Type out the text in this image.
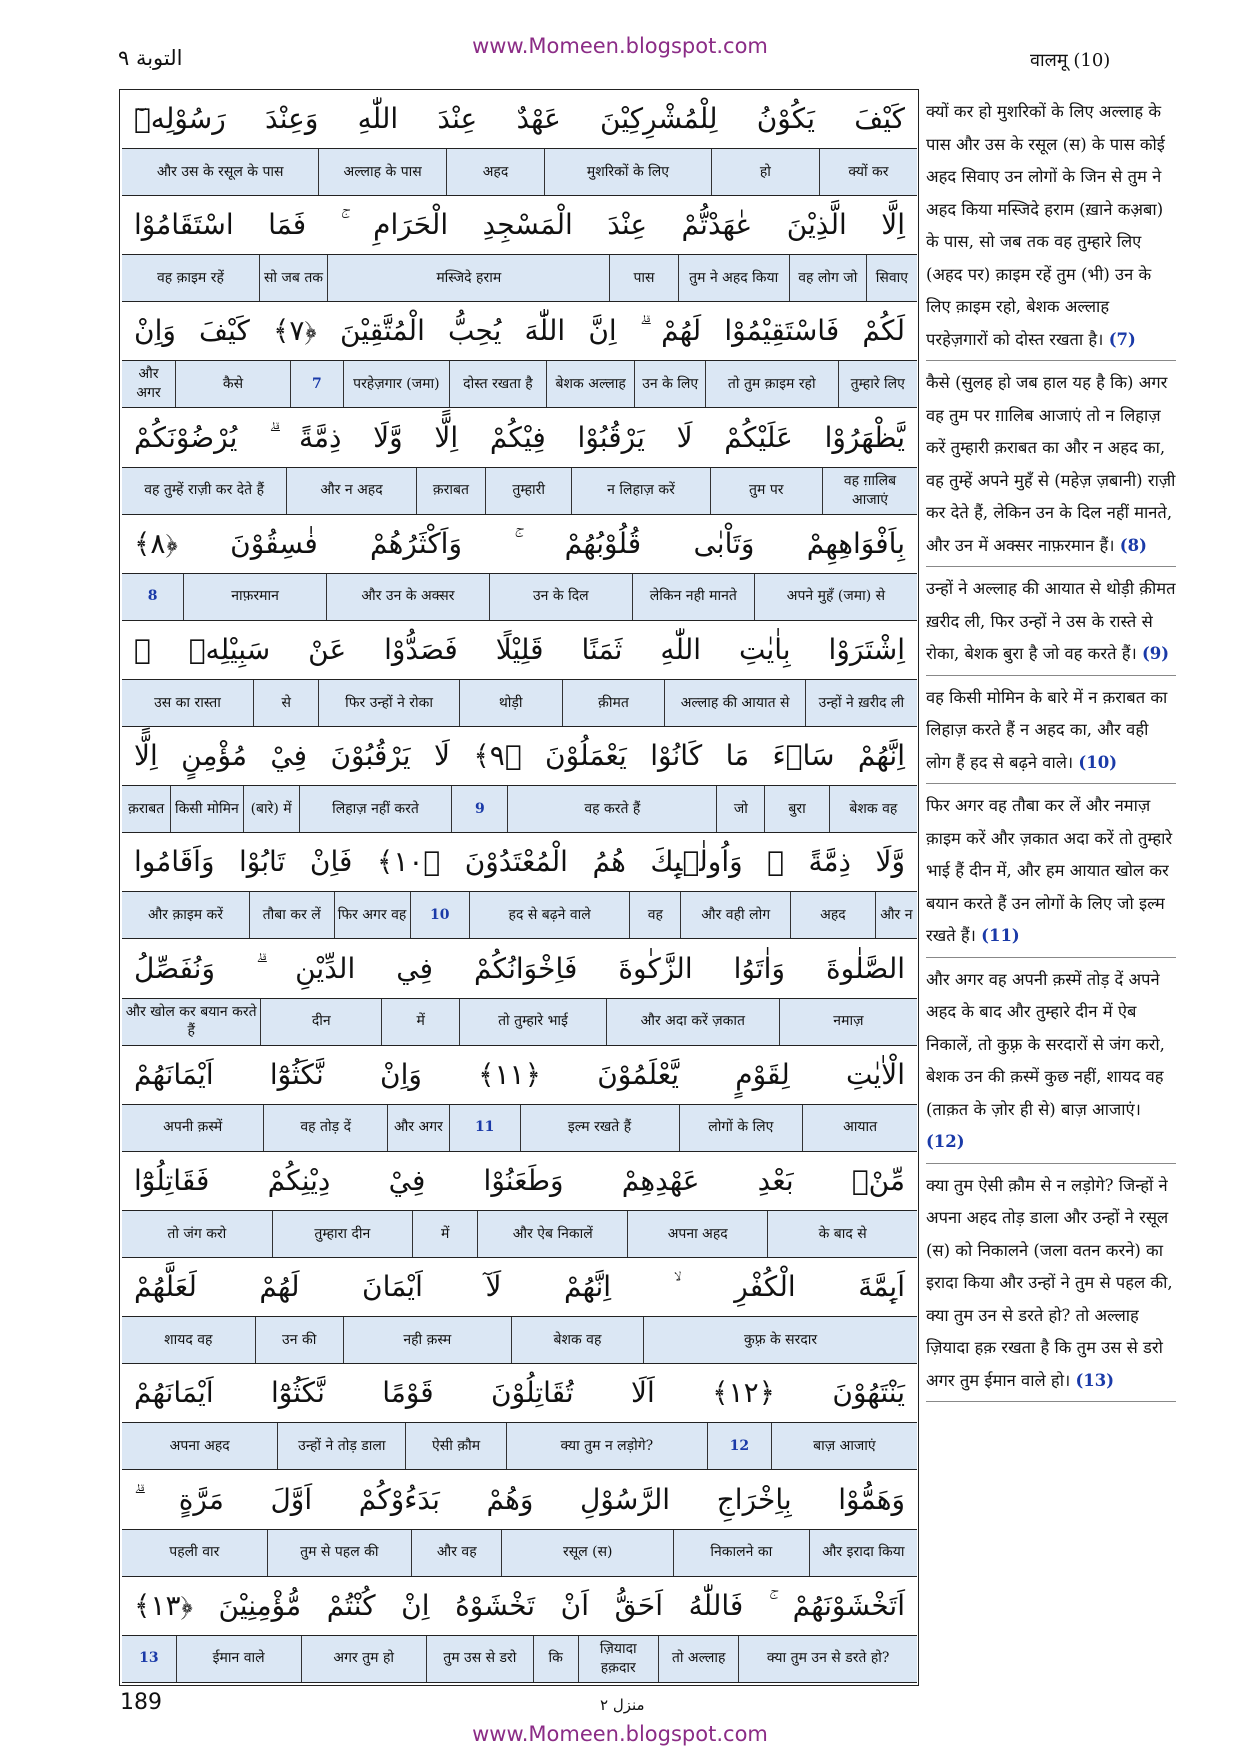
التوبة ٩	www.Momeen.blogspot.com
वालमू (10)
كَيْفَ يَكُوْنُ لِلْمُشْرِكِيْنَ عَهْدٌ عِنْدَ اللّٰهِ وَعِنْدَ رَسُوْلِهٖٓ
क्यों कर
हो
मुशरिकों के लिए
अहद
अल्लाह के पास
और उस के रसूल के पास
اِلَّا الَّذِيْنَ عٰهَدْتُّمْ عِنْدَ الْمَسْجِدِ الْحَرَامِ ۚ فَمَا اسْتَقَامُوْا
सिवाए
वह लोग जो
तुम ने अहद किया
पास
मस्जिदे हराम
सो जब तक
वह क़ाइम रहें
لَكُمْ فَاسْتَقِيْمُوْا لَهُمْ ۗ اِنَّ اللّٰهَ يُحِبُّ الْمُتَّقِيْنَ ﴿٧﴾ كَيْفَ وَاِنْ
तुम्हारे लिए
तो तुम क़ाइम रहो
उन के लिए
बेशक अल्लाह
दोस्त रखता है
परहेज़गार (जमा)
7
कैसे
और अगर
يَّظْهَرُوْا عَلَيْكُمْ لَا يَرْقُبُوْا فِيْكُمْ اِلًّا وَّلَا ذِمَّةً ۗ يُرْضُوْنَكُمْ
वह ग़ालिब आजाएं
तुम पर
न लिहाज़ करें
तुम्हारी
क़राबत
और न अहद
वह तुम्हें राज़ी कर देते हैं
بِاَفْوَاهِهِمْ وَتَاْبٰى قُلُوْبُهُمْ ۚ وَاَكْثَرُهُمْ فٰسِقُوْنَ ﴿٨﴾
अपने मुहँ (जमा) से
लेकिन नही मानते
उन के दिल
और उन के अक्सर
नाफ़रमान
8
اِشْتَرَوْا بِاٰيٰتِ اللّٰهِ ثَمَنًا قَلِيْلًا فَصَدُّوْا عَنْ سَبِيْلِهٖ ۗ
उन्हों ने ख़रीद ली
अल्लाह की आयात से
क़ीमत
थोड़ी
फिर उन्हों ने रोका
से
उस का रास्ता
اِنَّهُمْ سَاۗءَ مَا كَانُوْا يَعْمَلُوْنَ ﴿٩﴾ لَا يَرْقُبُوْنَ فِيْ مُؤْمِنٍ اِلًّا
बेशक वह
बुरा
जो
वह करते हैं
9
लिहाज़ नहीं करते
(बारे) में
किसी मोमिन
क़राबत
وَّلَا ذِمَّةً ۗ وَاُولٰۗىِٕكَ هُمُ الْمُعْتَدُوْنَ ﴿١٠﴾ فَاِنْ تَابُوْا وَاَقَامُوا
और न
अहद
और वही लोग
वह
हद से बढ़ने वाले
10
फिर अगर वह
तौबा कर लें
और क़ाइम करें
الصَّلٰوةَ وَاٰتَوُا الزَّكٰوةَ فَاِخْوَانُكُمْ فِي الدِّيْنِ ۗ وَنُفَصِّلُ
नमाज़
और अदा करें ज़कात
तो तुम्हारे भाई
में
दीन
और खोल कर बयान करते हैं
الْاٰيٰتِ لِقَوْمٍ يَّعْلَمُوْنَ ﴿١١﴾ وَاِنْ نَّكَثُوْٓا اَيْمَانَهُمْ
आयात
लोगों के लिए
इल्म रखते हैं
11
और अगर
वह तोड़ दें
अपनी क़स्में
مِّنْۢ بَعْدِ عَهْدِهِمْ وَطَعَنُوْا فِيْ دِيْنِكُمْ فَقَاتِلُوْٓا
के बाद से
अपना अहद
और ऐब निकालें
में
तुम्हारा दीन
तो जंग करो
اَىِٕمَّةَ الْكُفْرِ ۙ اِنَّهُمْ لَآ اَيْمَانَ لَهُمْ لَعَلَّهُمْ
कुफ़्र के सरदार
बेशक वह
नही क़स्म
उन की
शायद वह
يَنْتَهُوْنَ ﴿١٢﴾ اَلَا تُقَاتِلُوْنَ قَوْمًا نَّكَثُوْٓا اَيْمَانَهُمْ
बाज़ आजाएं
12
क्या तुम न लड़ोगे?
ऐसी क़ौम
उन्हों ने तोड़ डाला
अपना अहद
وَهَمُّوْا بِاِخْرَاجِ الرَّسُوْلِ وَهُمْ بَدَءُوْكُمْ اَوَّلَ مَرَّةٍ ۗ
और इरादा किया
निकालने का
रसूल (स)
और वह
तुम से पहल की
पहली वार
اَتَخْشَوْنَهُمْ ۚ فَاللّٰهُ اَحَقُّ اَنْ تَخْشَوْهُ اِنْ كُنْتُمْ مُّؤْمِنِيْنَ ﴿١٣﴾
क्या तुम उन से डरते हो?
तो अल्लाह
ज़ियादा हक़दार
कि
तुम उस से डरो
अगर तुम हो
ईमान वाले
13
क्यों कर हो मुशरिकों के लिए अल्लाह के पास और उस के रसूल (स) के पास कोई अहद सिवाए उन लोगों के जिन से तुम ने अहद किया मस्जिदे हराम (ख़ाने कअ़बा) के पास, सो जब तक वह तुम्हारे लिए (अहद पर) क़ाइम रहें तुम (भी) उन के लिए क़ाइम रहो, बेशक अल्लाह परहेज़गारों को दोस्त रखता है। (7)
कैसे (सुलह हो जब हाल यह है कि) अगर वह तुम पर ग़ालिब आजाएं तो न लिहाज़ करें तुम्हारी क़राबत का और न अहद का, वह तुम्हें अपने मुहँ से (महेज़ ज़बानी) राज़ी कर देते हैं, लेकिन उन के दिल नहीं मानते, और उन में अक्सर नाफ़रमान हैं। (8)
उन्हों ने अल्लाह की आयात से थोड़ी क़ीमत ख़रीद ली, फिर उन्हों ने उस के रास्ते से रोका, बेशक बुरा है जो वह करते हैं। (9)
वह किसी मोमिन के बारे में न क़राबत का लिहाज़ करते हैं न अहद का, और वही लोग हैं हद से बढ़ने वाले। (10)
फिर अगर वह तौबा कर लें और नमाज़ क़ाइम करें और ज़कात अदा करें तो तुम्हारे भाई हैं दीन में, और हम आयात खोल कर बयान करते हैं उन लोगों के लिए जो इल्म रखते हैं। (11)
और अगर वह अपनी क़स्में तोड़ दें अपने अहद के बाद और तुम्हारे दीन में ऐब निकालें, तो कुफ़्र के सरदारों से जंग करो, बेशक उन की क़स्में कुछ नहीं, शायद वह (ताक़त के ज़ोर ही से) बाज़ आजाएं। (12)
क्या तुम ऐसी क़ौम से न लड़ोगे? जिन्हों ने अपना अहद तोड़ डाला और उन्हों ने रसूल (स) को निकालने (जला वतन करने) का इरादा किया और उन्हों ने तुम से पहल की, क्या तुम उन से डरते हो? तो अल्लाह ज़ियादा हक़ रखता है कि तुम उस से डरो अगर तुम ईमान वाले हो। (13)
189	منزل ٢
www.Momeen.blogspot.com
